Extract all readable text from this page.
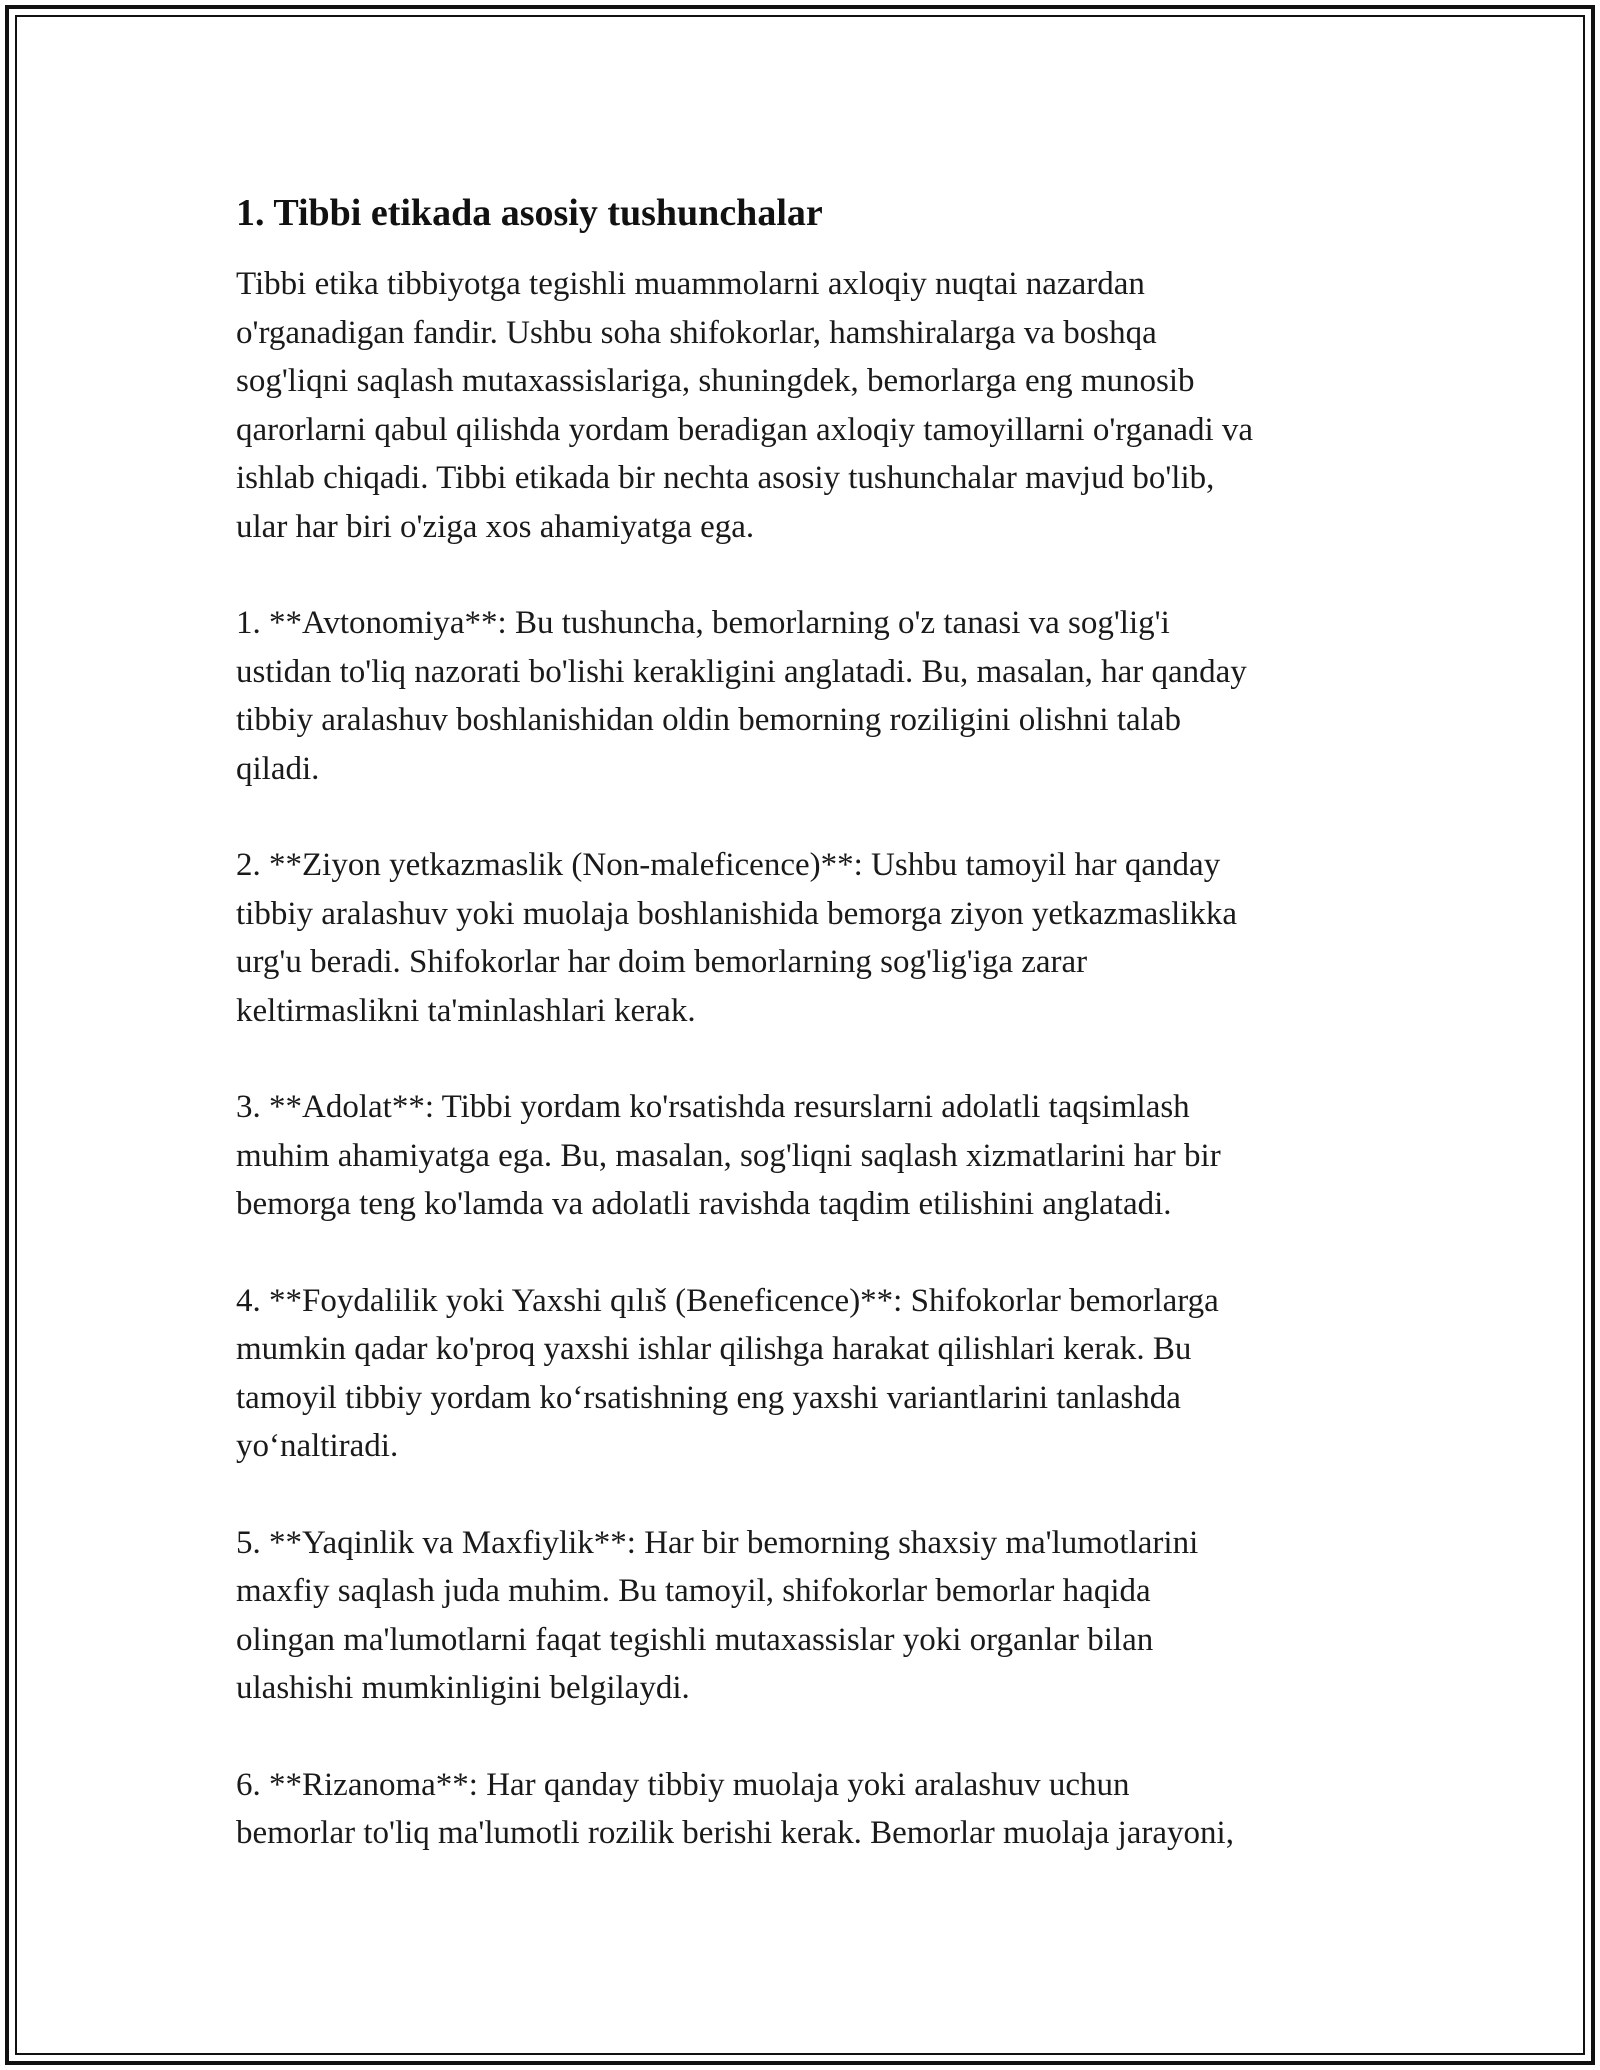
1. Tibbi etikada asosiy tushunchalar

Tibbi etika tibbiyotga tegishli muammolarni axloqiy nuqtai nazardan
o'rganadigan fandir. Ushbu soha shifokorlar, hamshiralarga va boshqa
sog'liqni saqlash mutaxassislariga, shuningdek, bemorlarga eng munosib
qarorlarni qabul qilishda yordam beradigan axloqiy tamoyillarni o'rganadi va
ishlab chiqadi. Tibbi etikada bir nechta asosiy tushunchalar mavjud bo'lib,
ular har biri o'ziga xos ahamiyatga ega.

1. **Avtonomiya**: Bu tushuncha, bemorlarning o'z tanasi va sog'lig'i
ustidan to'liq nazorati bo'lishi kerakligini anglatadi. Bu, masalan, har qanday
tibbiy aralashuv boshlanishidan oldin bemorning roziligini olishni talab
qiladi.

2. **Ziyon yetkazmaslik (Non-maleficence)**: Ushbu tamoyil har qanday
tibbiy aralashuv yoki muolaja boshlanishida bemorga ziyon yetkazmaslikka
urg'u beradi. Shifokorlar har doim bemorlarning sog'lig'iga zarar
keltirmaslikni ta'minlashlari kerak.

3. **Adolat**: Tibbi yordam ko'rsatishda resurslarni adolatli taqsimlash
muhim ahamiyatga ega. Bu, masalan, sog'liqni saqlash xizmatlarini har bir
bemorga teng ko'lamda va adolatli ravishda taqdim etilishini anglatadi.

4. **Foydalilik yoki Yaxshi qılıš (Beneficence)**: Shifokorlar bemorlarga
mumkin qadar ko'proq yaxshi ishlar qilishga harakat qilishlari kerak. Bu
tamoyil tibbiy yordam ko‘rsatishning eng yaxshi variantlarini tanlashda
yo‘naltiradi.

5. **Yaqinlik va Maxfiylik**: Har bir bemorning shaxsiy ma'lumotlarini
maxfiy saqlash juda muhim. Bu tamoyil, shifokorlar bemorlar haqida
olingan ma'lumotlarni faqat tegishli mutaxassislar yoki organlar bilan
ulashishi mumkinligini belgilaydi.

6. **Rizanoma**: Har qanday tibbiy muolaja yoki aralashuv uchun
bemorlar to'liq ma'lumotli rozilik berishi kerak. Bemorlar muolaja jarayoni,
